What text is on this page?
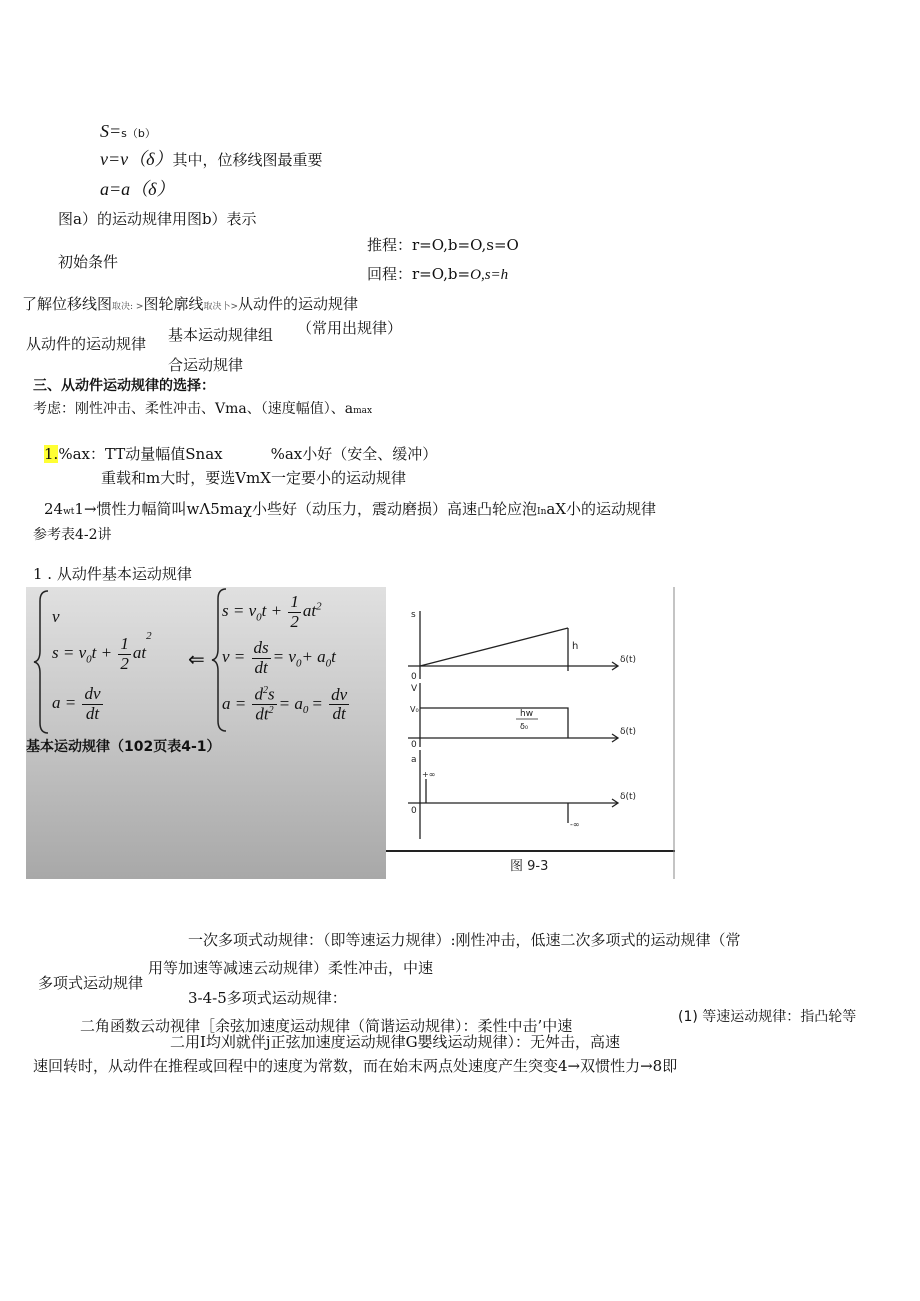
S=s（b）
v=v（δ）其中，位移线图最重要
a=a（δ）
图a）的运动规律用图b）表示
初始条件
推程：r=O,b=O,s=O
回程：r=O,b=O,s=h
了解位移线图取决: >图轮廓线取决卜>从动件的运动规律
从动件的运动规律 基本运动规律组 （常用出规律）
合运动规律
三、从动件运动规律的选择：
考虑：刚性冲击、柔性冲击、Vma、（速度幅值）、amax
1.%ax：TT动量幅值Snax	%ax小好（安全、缓冲）
重载和m大时，要选VmX一定要小的运动规律
24wt1→惯性力幅简叫wΛ5maχ小些好（动压力，震动磨损）高速凸轮应泡InaX小的运动规律
参考表4-2讲
1 . 从动件基本运动规律
v
$s = v_0t + \frac{1}{2} at^2$
$a = \frac{dv}{dt}$
⇐
$s = v_0t + \frac{1}{2} at^2$
$v = \frac{ds}{dt} = v_0+ a_0t$
$a = \frac{d^2s}{dt^2} = a_0 = \frac{dv}{dt}$
基本运动规律（102页表4-1）
s
h
0
δ(t)
V
V₀	hw
δ₀
0
δ(t)
a
+∞
0
δ(t)
-∞
图 9-3
一次多项式动规律：（即等速运力规律）:刚性冲击，低速二次多项式的运动规律（常
用等加速等减速云动规律）柔性冲击，中速
多项式运动规律
3-4-5多项式运动规律：
二角函数云动视律［余弦加速度运动规律（简谐运动规律）：柔性中击’中速
二用I均刈就伴j正弦加速度运动规律G嬰线运动规律）：无舛击，高速
(1) 等速运动规律：指凸轮等
速回转时，从动件在推程或回程中的速度为常数，而在始末两点处速度产生突变4→双惯性力→8即
